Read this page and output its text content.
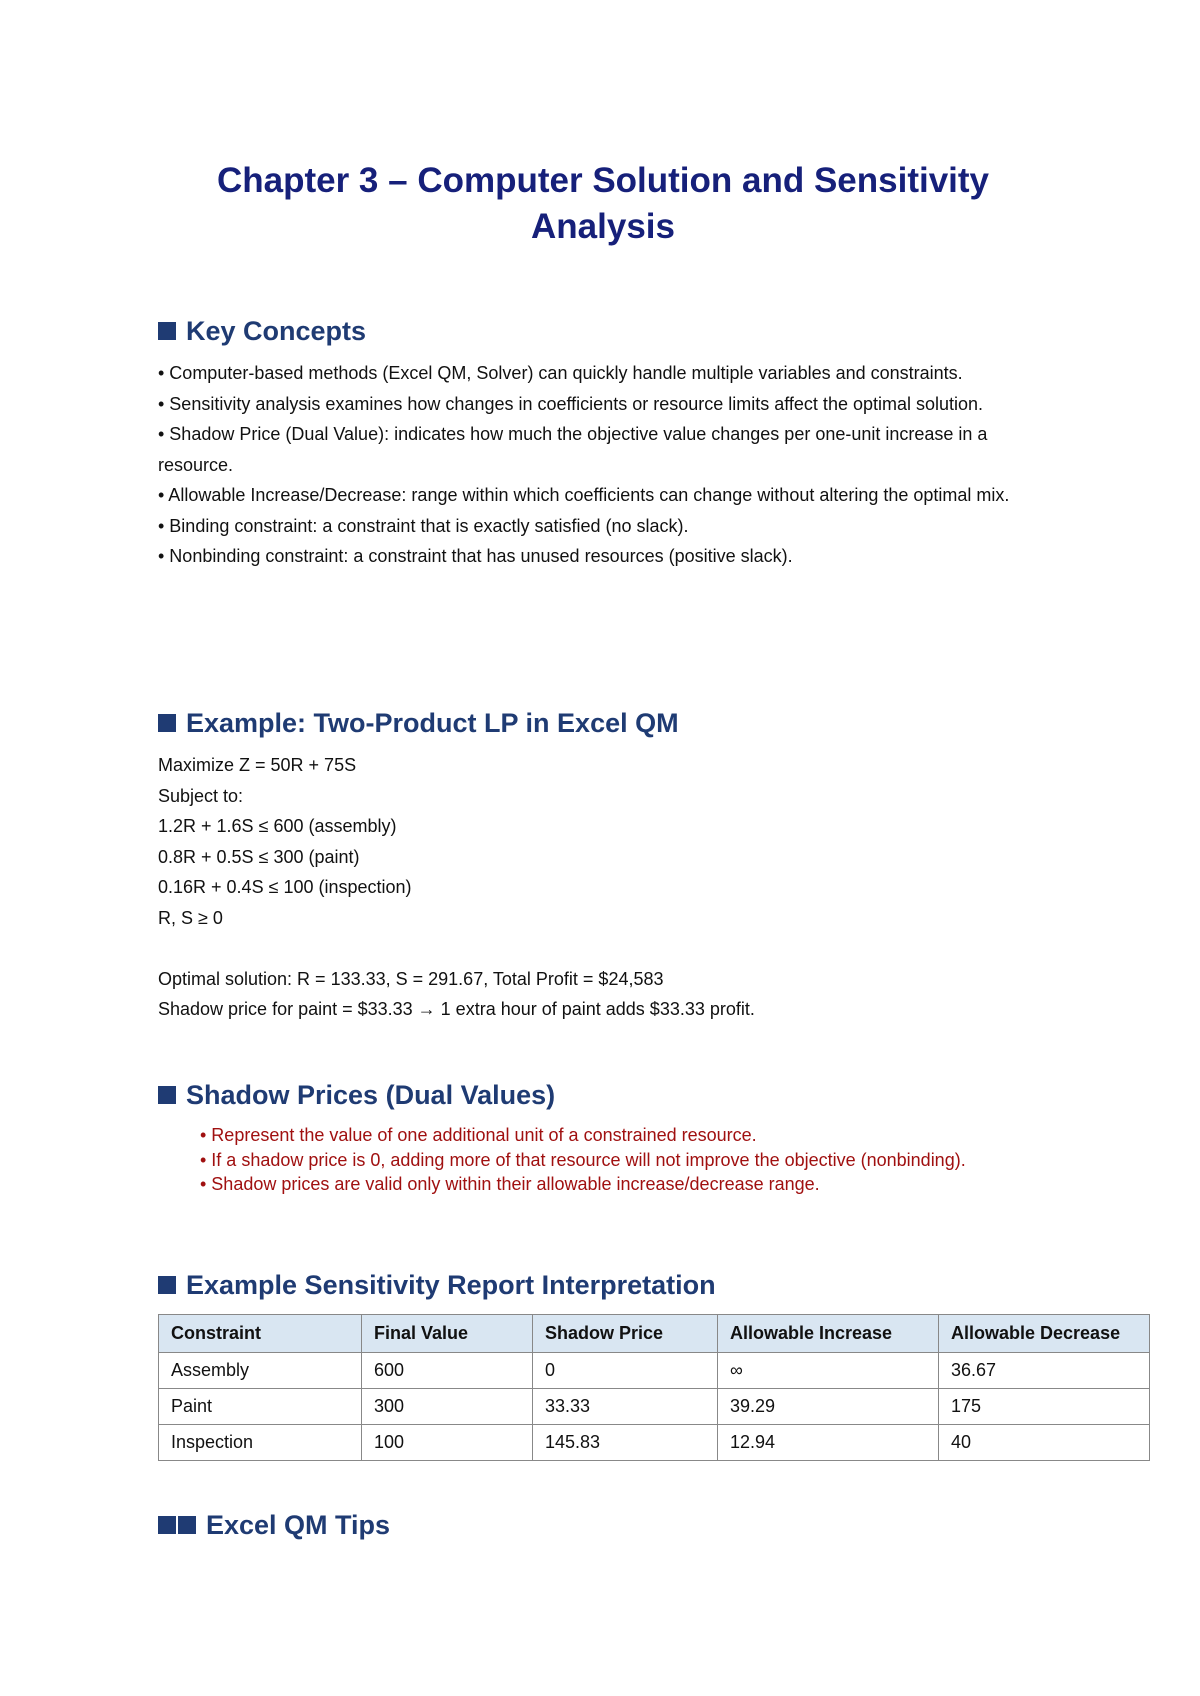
Chapter 3 – Computer Solution and Sensitivity
Analysis
Key Concepts

• Computer-based methods (Excel QM, Solver) can quickly handle multiple variables and constraints.

• Sensitivity analysis examines how changes in coefficients or resource limits affect the optimal solution.

• Shadow Price (Dual Value): indicates how much the objective value changes per one-unit increase in a resource.

• Allowable Increase/Decrease: range within which coefficients can change without altering the optimal mix.

• Binding constraint: a constraint that is exactly satisfied (no slack).

• Nonbinding constraint: a constraint that has unused resources (positive slack).

Example: Two-Product LP in Excel QM

Maximize Z = 50R + 75S

Subject to:

1.2R + 1.6S ≤ 600 (assembly)

0.8R + 0.5S ≤ 300 (paint)

0.16R + 0.4S ≤ 100 (inspection)

R, S ≥ 0

Optimal solution: R = 133.33, S = 291.67, Total Profit = $24,583

Shadow price for paint = $33.33 → 1 extra hour of paint adds $33.33 profit.

Shadow Prices (Dual Values)

• Represent the value of one additional unit of a constrained resource.

• If a shadow price is 0, adding more of that resource will not improve the objective (nonbinding).

• Shadow prices are valid only within their allowable increase/decrease range.

Example Sensitivity Report Interpretation
Constraint	Final Value	Shadow Price	Allowable Increase	Allowable Decrease
Assembly	600	0	∞	36.67
Paint	300	33.33	39.29	175
Inspection	100	145.83	12.94	40
Excel QM Tips
